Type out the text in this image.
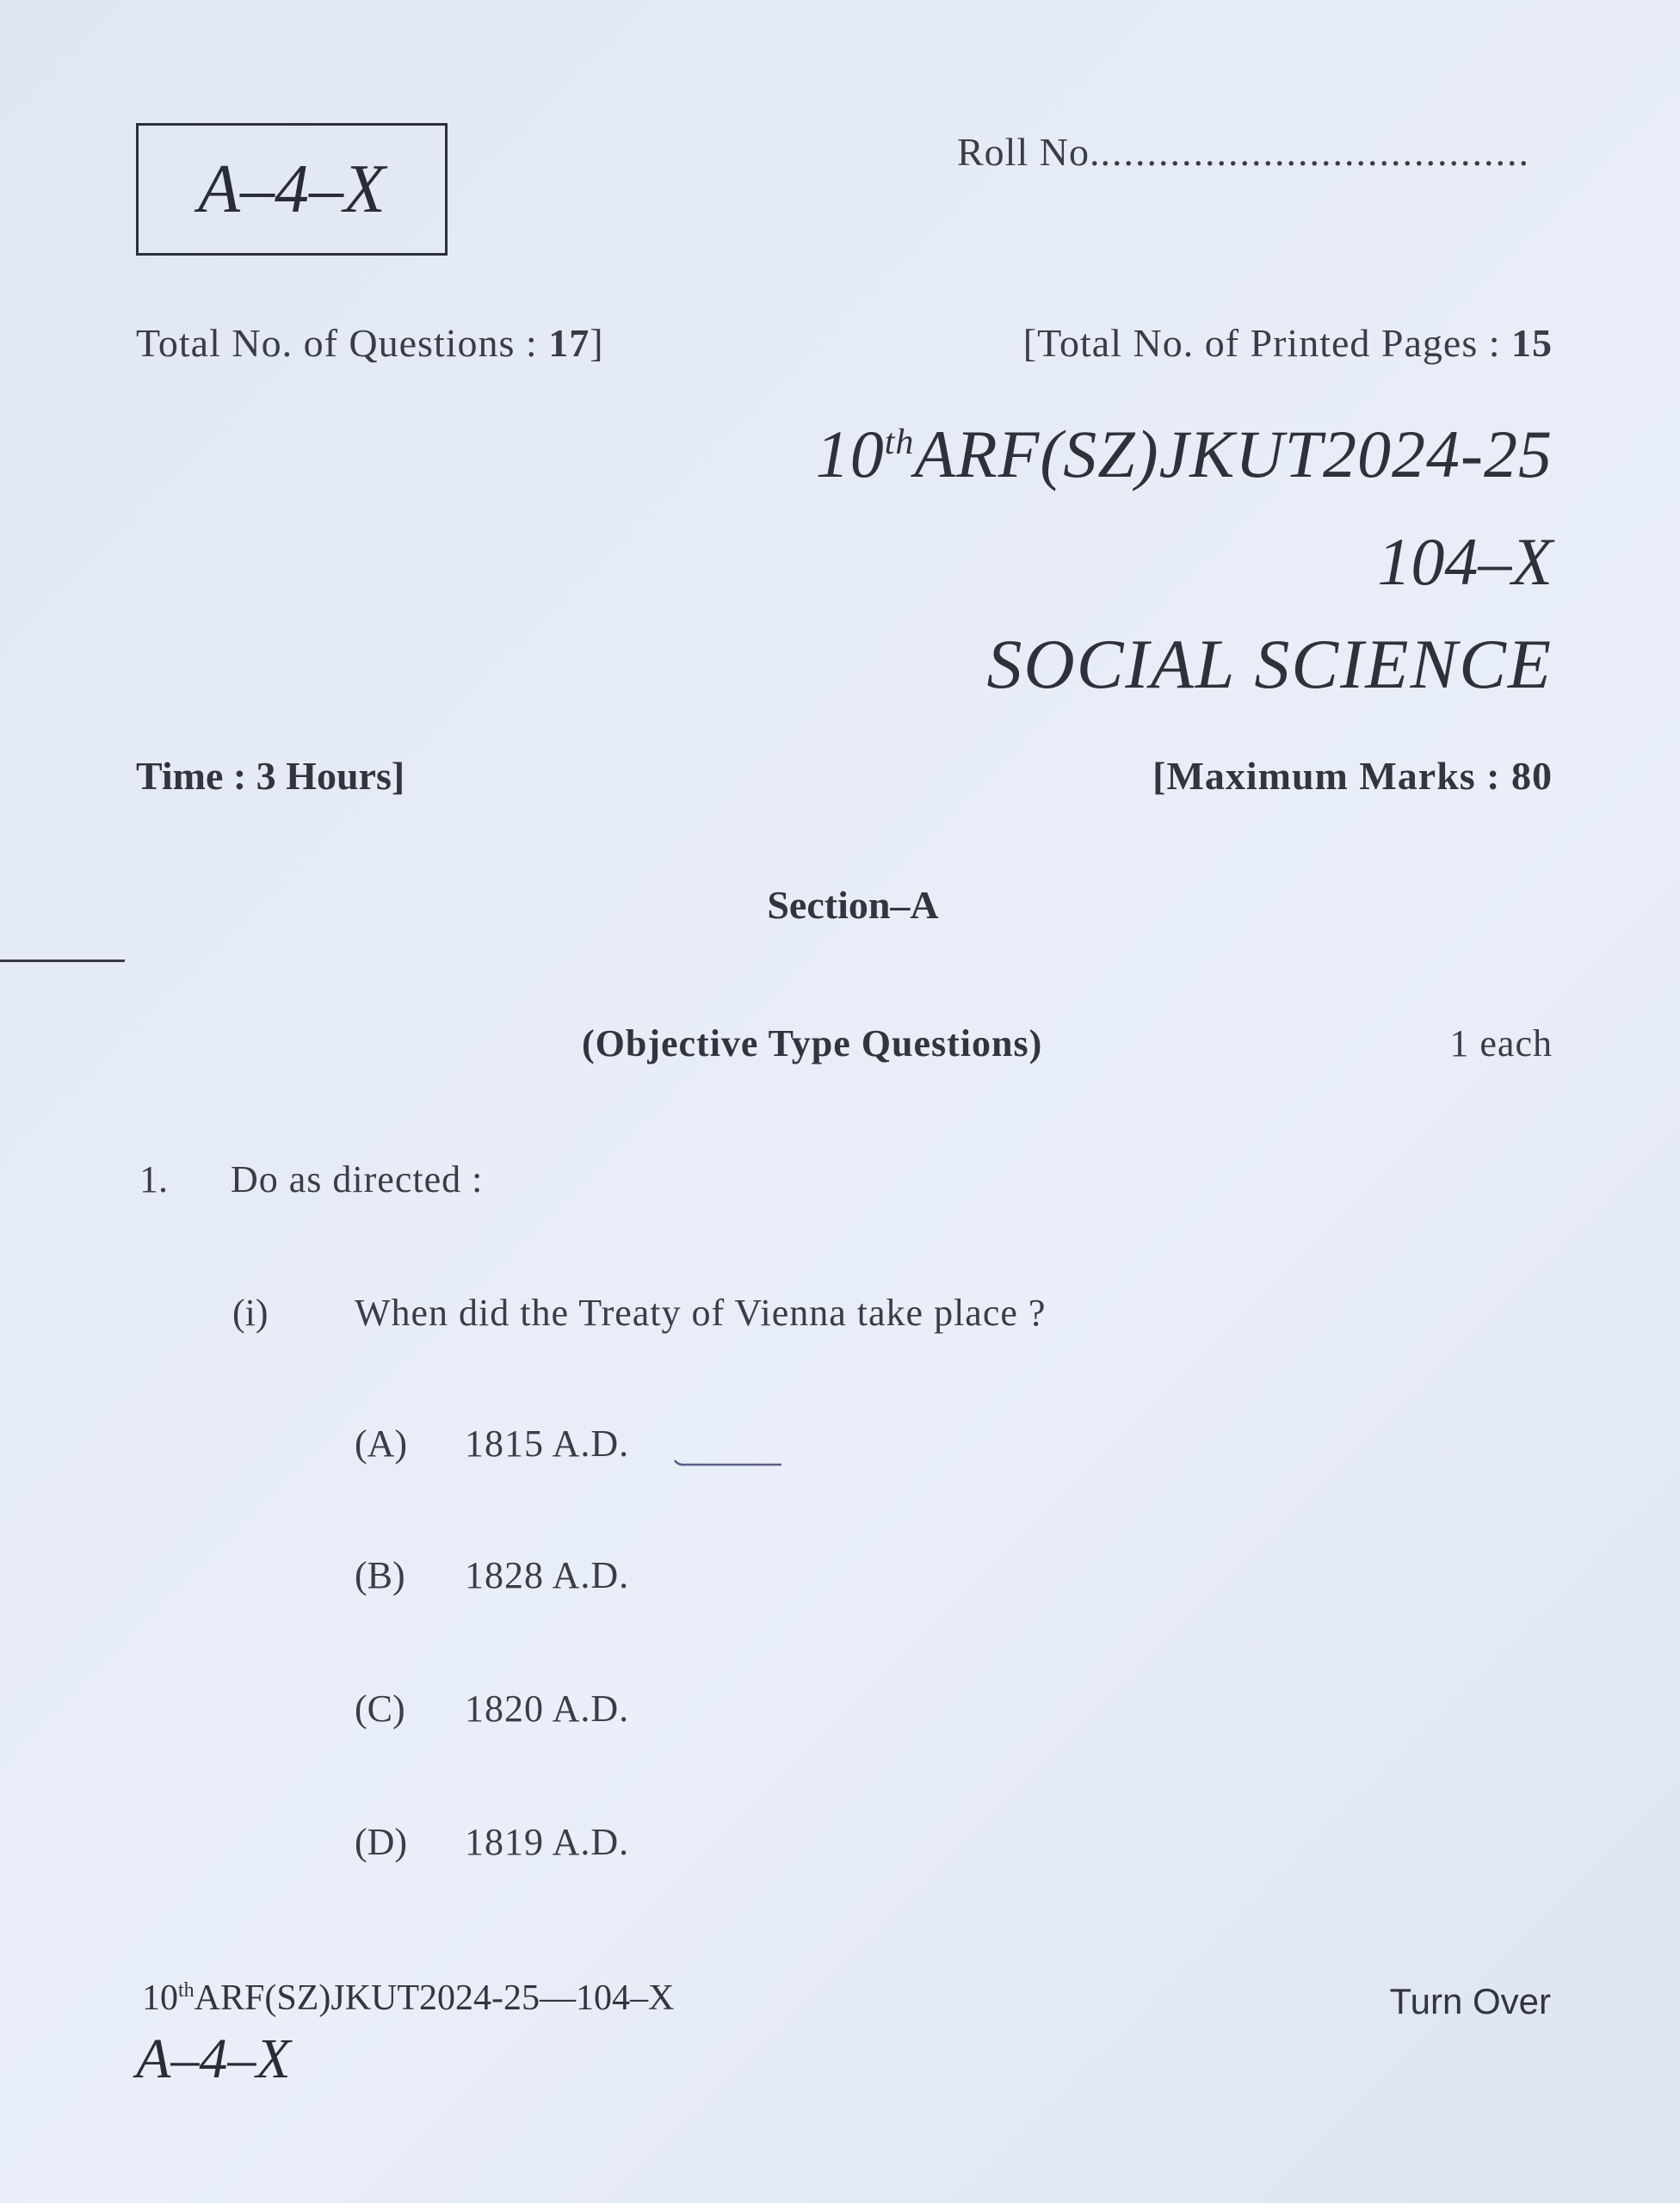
A–4–X	Roll No......................................
Total No. of Questions : 17]	[Total No. of Printed Pages : 15
10thARF(SZ)JKUT2024-25
104–X
SOCIAL SCIENCE
Time : 3 Hours]	[Maximum Marks : 80
Section–A
(Objective Type Questions)	1 each
1. Do as directed :
(i) When did the Treaty of Vienna take place ?
(A) 1815 A.D.
(B) 1828 A.D.
(C) 1820 A.D.
(D) 1819 A.D.
10thARF(SZ)JKUT2024-25—104–X
A–4–X
Turn Over
